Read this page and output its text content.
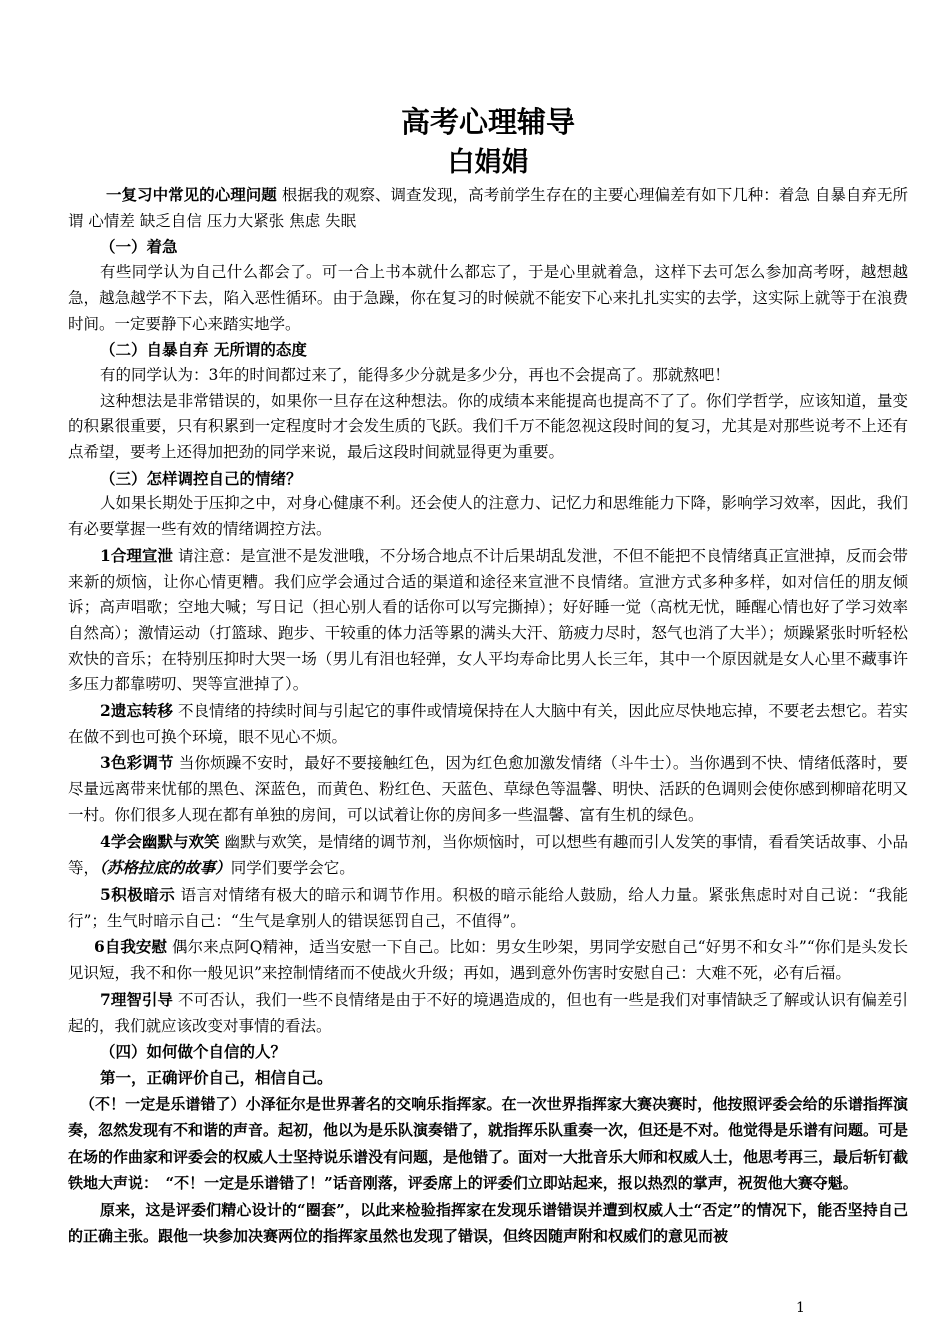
高考心理辅导
白娟娟

一复习中常见的心理问题 根据我的观察、调查发现，高考前学生存在的主要心理偏差有如下几种：着急 自暴自弃无所谓 心情差 缺乏自信 压力大紧张 焦虑 失眠

（一）着急

有些同学认为自己什么都会了。可一合上书本就什么都忘了，于是心里就着急，这样下去可怎么参加高考呀，越想越急，越急越学不下去，陷入恶性循环。由于急躁，你在复习的时候就不能安下心来扎扎实实的去学，这实际上就等于在浪费时间。一定要静下心来踏实地学。

（二）自暴自弃 无所谓的态度

有的同学认为：3年的时间都过来了，能得多少分就是多少分，再也不会提高了。那就熬吧！

这种想法是非常错误的，如果你一旦存在这种想法。你的成绩本来能提高也提高不了了。你们学哲学，应该知道，量变的积累很重要，只有积累到一定程度时才会发生质的飞跃。我们千万不能忽视这段时间的复习，尤其是对那些说考不上还有点希望，要考上还得加把劲的同学来说，最后这段时间就显得更为重要。

（三）怎样调控自己的情绪？

人如果长期处于压抑之中，对身心健康不利。还会使人的注意力、记忆力和思维能力下降，影响学习效率，因此，我们有必要掌握一些有效的情绪调控方法。

1合理宣泄 请注意：是宣泄不是发泄哦，不分场合地点不计后果胡乱发泄，不但不能把不良情绪真正宣泄掉，反而会带来新的烦恼，让你心情更糟。我们应学会通过合适的渠道和途径来宣泄不良情绪。宣泄方式多种多样，如对信任的朋友倾诉；高声唱歌；空地大喊；写日记（担心别人看的话你可以写完撕掉）；好好睡一觉（高枕无忧，睡醒心情也好了学习效率自然高）；激情运动（打篮球、跑步、干较重的体力活等累的满头大汗、筋疲力尽时，怒气也消了大半）；烦躁紧张时听轻松欢快的音乐；在特别压抑时大哭一场（男儿有泪也轻弹，女人平均寿命比男人长三年，其中一个原因就是女人心里不藏事许多压力都靠唠叨、哭等宣泄掉了）。

2遗忘转移 不良情绪的持续时间与引起它的事件或情境保持在人大脑中有关，因此应尽快地忘掉，不要老去想它。若实在做不到也可换个环境，眼不见心不烦。

3色彩调节 当你烦躁不安时，最好不要接触红色，因为红色愈加激发情绪（斗牛士）。当你遇到不快、情绪低落时，要尽量远离带来忧郁的黑色、深蓝色，而黄色、粉红色、天蓝色、草绿色等温馨、明快、活跃的色调则会使你感到柳暗花明又一村。你们很多人现在都有单独的房间，可以试着让你的房间多一些温馨、富有生机的绿色。

4学会幽默与欢笑 幽默与欢笑，是情绪的调节剂，当你烦恼时，可以想些有趣而引人发笑的事情，看看笑话故事、小品等，（苏格拉底的故事）同学们要学会它。

5积极暗示 语言对情绪有极大的暗示和调节作用。积极的暗示能给人鼓励，给人力量。紧张焦虑时对自己说：“我能行”；生气时暗示自己：“生气是拿别人的错误惩罚自己，不值得”。

6自我安慰 偶尔来点阿Q精神，适当安慰一下自己。比如：男女生吵架，男同学安慰自己“好男不和女斗”“你们是头发长见识短，我不和你一般见识”来控制情绪而不使战火升级；再如，遇到意外伤害时安慰自己：大难不死，必有后福。

7理智引导 不可否认，我们一些不良情绪是由于不好的境遇造成的，但也有一些是我们对事情缺乏了解或认识有偏差引起的，我们就应该改变对事情的看法。

（四）如何做个自信的人？

第一，正确评价自己，相信自己。

（不！一定是乐谱错了）小泽征尔是世界著名的交响乐指挥家。在一次世界指挥家大赛决赛时，他按照评委会给的乐谱指挥演奏，忽然发现有不和谐的声音。起初，他以为是乐队演奏错了，就指挥乐队重奏一次，但还是不对。他觉得是乐谱有问题。可是在场的作曲家和评委会的权威人士坚持说乐谱没有问题，是他错了。面对一大批音乐大师和权威人士，他思考再三，最后斩钉截铁地大声说：　“不！一定是乐谱错了！”话音刚落，评委席上的评委们立即站起来，报以热烈的掌声，祝贺他大赛夺魁。

原来，这是评委们精心设计的“圈套”，以此来检验指挥家在发现乐谱错误并遭到权威人士“否定”的情况下，能否坚持自己的正确主张。跟他一块参加决赛两位的指挥家虽然也发现了错误，但终因随声附和权威们的意见而被

1
